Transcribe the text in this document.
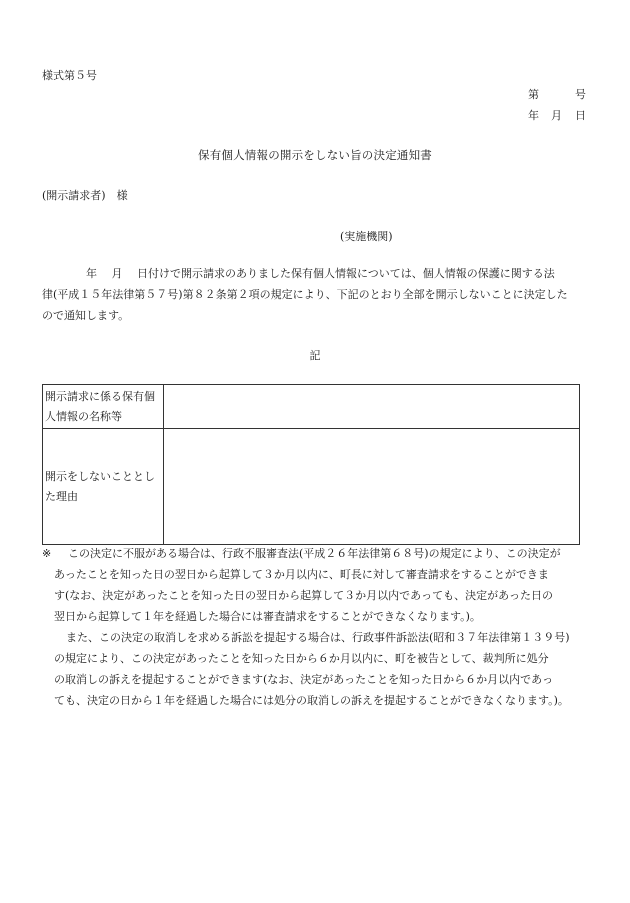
様式第５号
第	号
年 月 日
保有個人情報の開示をしない旨の決定通知書
(開示請求者)　様
(実施機関)
　　　　年　 月　 日付けで開示請求のありました保有個人情報については、個人情報の保護に関する法
律(平成１５年法律第５７号)第８２条第２項の規定により、下記のとおり全部を開示しないことに決定した
ので通知します。
記
開示請求に係る保有個
人情報の名称等	

開示をしないこととし
た理由	

※ この決定に不服がある場合は、行政不服審査法(平成２６年法律第６８号)の規定により、この決定が
あったことを知った日の翌日から起算して３か月以内に、町長に対して審査請求をすることができま
す(なお、決定があったことを知った日の翌日から起算して３か月以内であっても、決定があった日の
翌日から起算して１年を経過した場合には審査請求をすることができなくなります。)。
また、この決定の取消しを求める訴訟を提起する場合は、行政事件訴訟法(昭和３７年法律第１３９号)
の規定により、この決定があったことを知った日から６か月以内に、町を被告として、裁判所に処分
の取消しの訴えを提起することができます(なお、決定があったことを知った日から６か月以内であっ
ても、決定の日から１年を経過した場合には処分の取消しの訴えを提起することができなくなります。)。
